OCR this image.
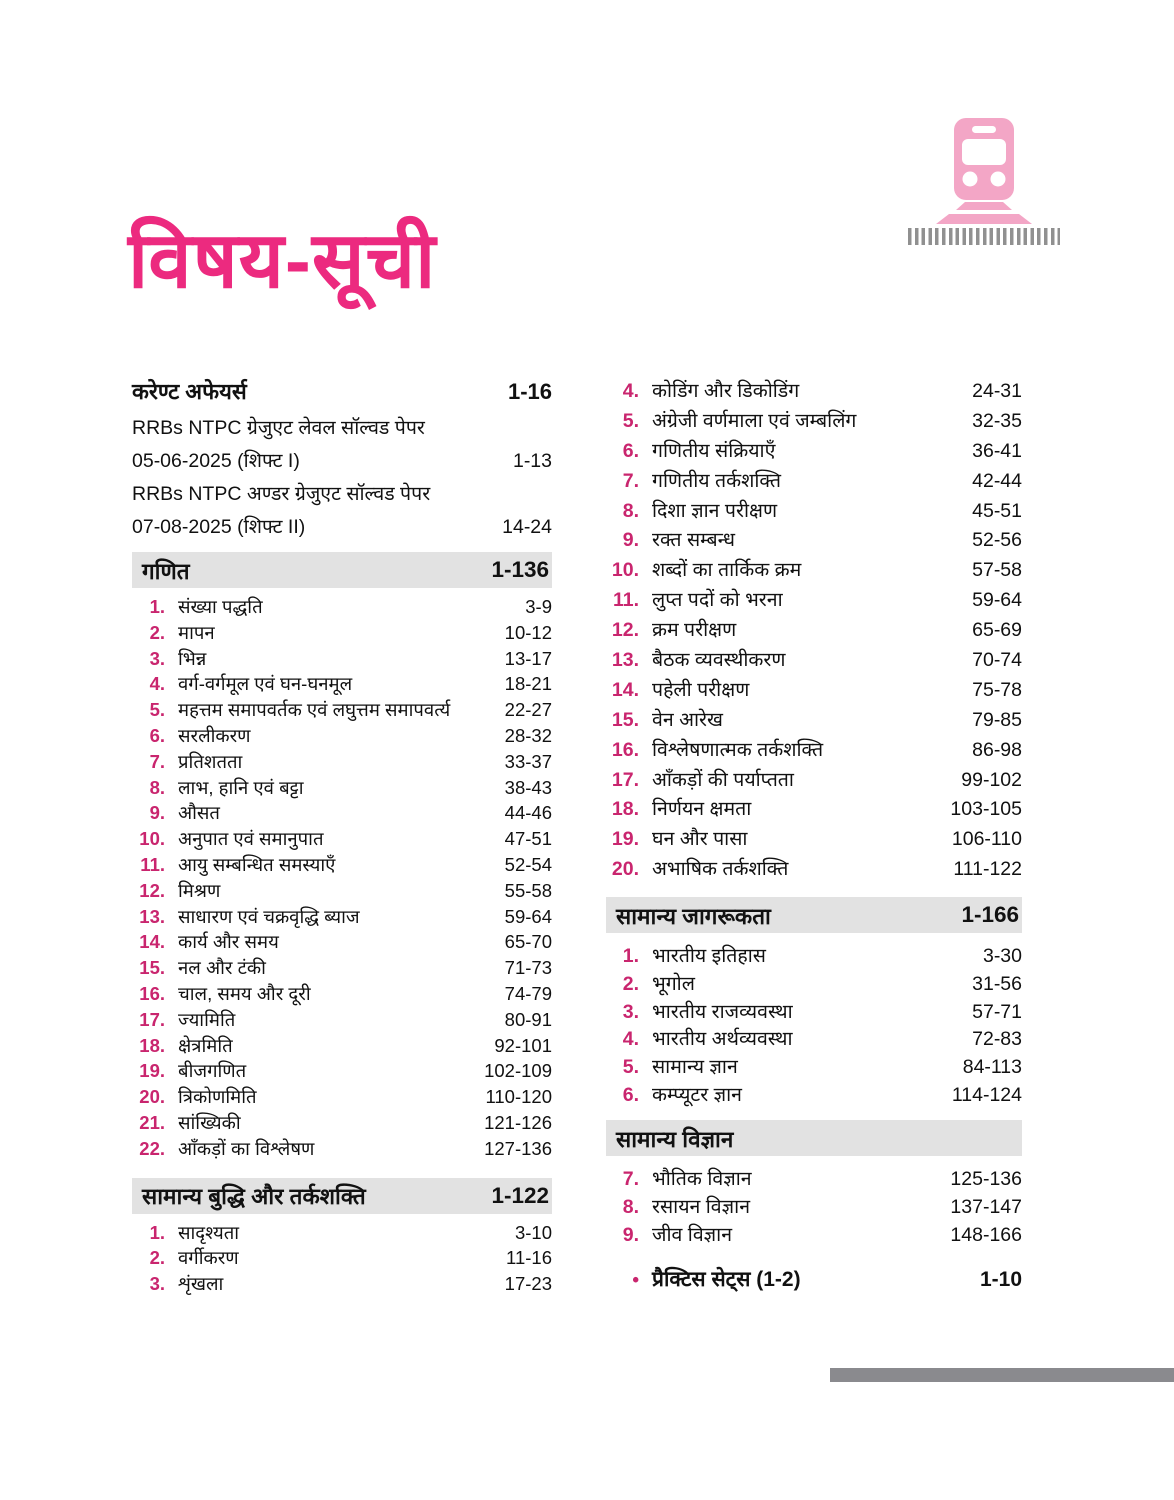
विषय-सूची
करेण्ट अफेयर्स	1-16
RRBs NTPC ग्रेजुएट लेवल सॉल्वड पेपर
05-06-2025 (शिफ्ट I)	1-13
RRBs NTPC अण्डर ग्रेजुएट सॉल्वड पेपर
07-08-2025 (शिफ्ट II)	14-24
गणित	1-136
1. संख्या पद्धति	3-9
2. मापन	10-12
3. भिन्न	13-17
4. वर्ग-वर्गमूल एवं घन-घनमूल	18-21
5. महत्तम समापवर्तक एवं लघुत्तम समापवर्त्य	22-27
6. सरलीकरण	28-32
7. प्रतिशतता	33-37
8. लाभ, हानि एवं बट्टा	38-43
9. औसत	44-46
10. अनुपात एवं समानुपात	47-51
11. आयु सम्बन्धित समस्याएँ	52-54
12. मिश्रण	55-58
13. साधारण एवं चक्रवृद्धि ब्याज	59-64
14. कार्य और समय	65-70
15. नल और टंकी	71-73
16. चाल, समय और दूरी	74-79
17. ज्यामिति	80-91
18. क्षेत्रमिति	92-101
19. बीजगणित	102-109
20. त्रिकोणमिति	110-120
21. सांख्यिकी	121-126
22. आँकड़ों का विश्लेषण	127-136
सामान्य बुद्धि और तर्कशक्ति	1-122
1. सादृश्यता	3-10
2. वर्गीकरण	11-16
3. शृंखला	17-23
4. कोडिंग और डिकोडिंग	24-31
5. अंग्रेजी वर्णमाला एवं जम्बलिंग	32-35
6. गणितीय संक्रियाएँ	36-41
7. गणितीय तर्कशक्ति	42-44
8. दिशा ज्ञान परीक्षण	45-51
9. रक्त सम्बन्ध	52-56
10. शब्दों का तार्किक क्रम	57-58
11. लुप्त पदों को भरना	59-64
12. क्रम परीक्षण	65-69
13. बैठक व्यवस्थीकरण	70-74
14. पहेली परीक्षण	75-78
15. वेन आरेख	79-85
16. विश्लेषणात्मक तर्कशक्ति	86-98
17. आँकड़ों की पर्याप्तता	99-102
18. निर्णयन क्षमता	103-105
19. घन और पासा	106-110
20. अभाषिक तर्कशक्ति	111-122
सामान्य जागरूकता	1-166
1. भारतीय इतिहास	3-30
2. भूगोल	31-56
3. भारतीय राजव्यवस्था	57-71
4. भारतीय अर्थव्यवस्था	72-83
5. सामान्य ज्ञान	84-113
6. कम्प्यूटर ज्ञान	114-124
सामान्य विज्ञान
7. भौतिक विज्ञान	125-136
8. रसायन विज्ञान	137-147
9. जीव विज्ञान	148-166
• प्रैक्टिस सेट्स (1-2)	1-10
